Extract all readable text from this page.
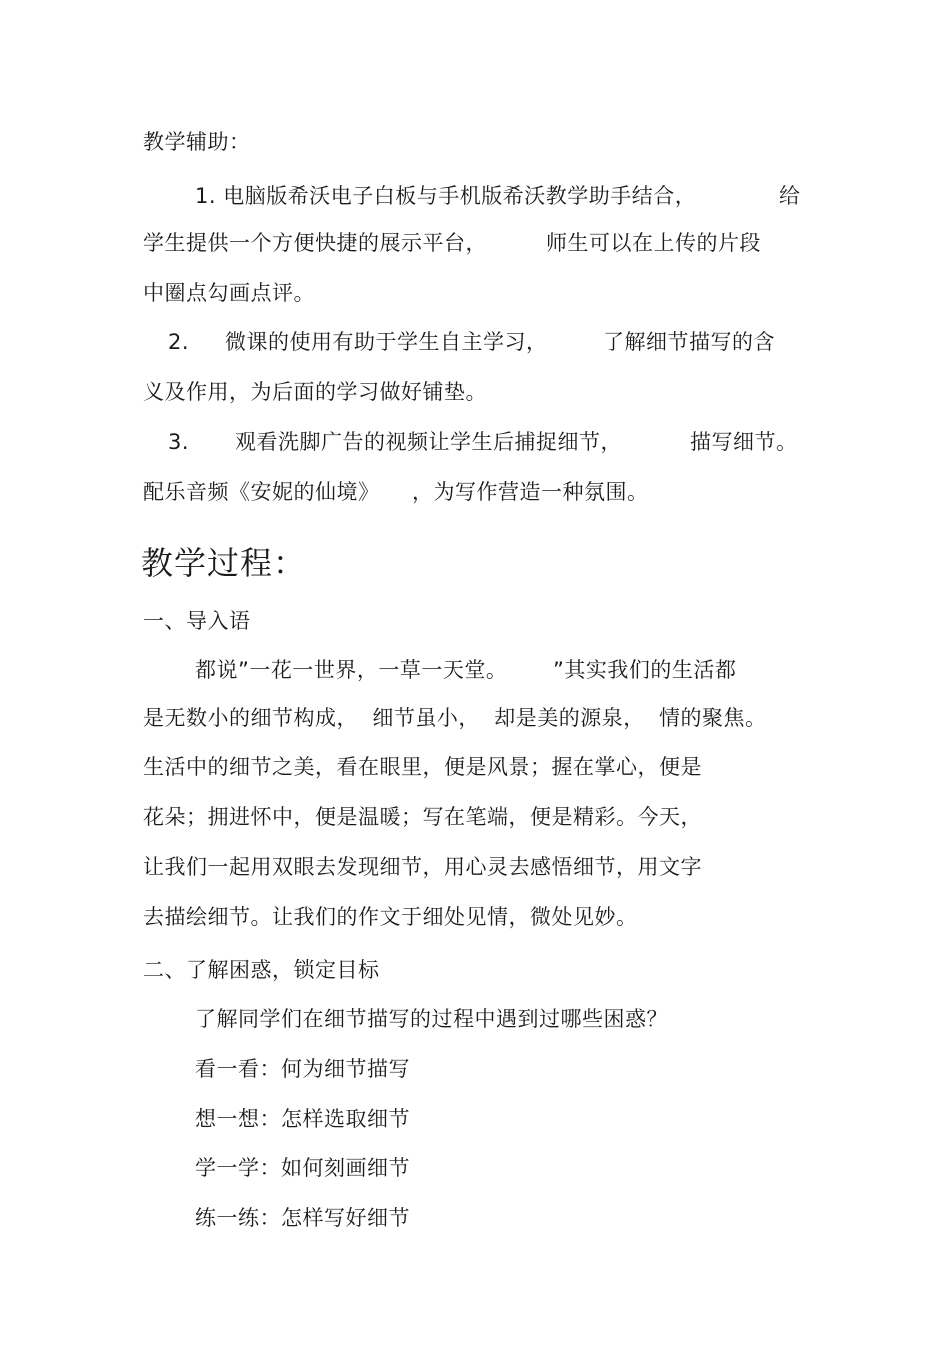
教学辅助：
1. 电脑版希沃电子白板与手机版希沃教学助手结合，	给
学生提供一个方便快捷的展示平台，	师生可以在上传的片段
中圈点勾画点评。
2. 微课的使用有助于学生自主学习，	了解细节描写的含
义及作用，为后面的学习做好铺垫。
3. 观看洗脚广告的视频让学生后捕捉细节，	描写细节。
配乐音频《安妮的仙境》 ，为写作营造一种氛围。
教学过程：
一、导入语
都说”一花一世界，一草一天堂。 ”其实我们的生活都
是无数小的细节构成，  细节虽小，  却是美的源泉，  情的聚焦。
生活中的细节之美，看在眼里，便是风景；握在掌心，便是
花朵；拥进怀中，便是温暖；写在笔端，便是精彩。今天，
让我们一起用双眼去发现细节，用心灵去感悟细节，用文字
去描绘细节。让我们的作文于细处见情，微处见妙。
二、了解困惑，锁定目标
了解同学们在细节描写的过程中遇到过哪些困惑？
看一看：何为细节描写
想一想：怎样选取细节
学一学：如何刻画细节
练一练：怎样写好细节
